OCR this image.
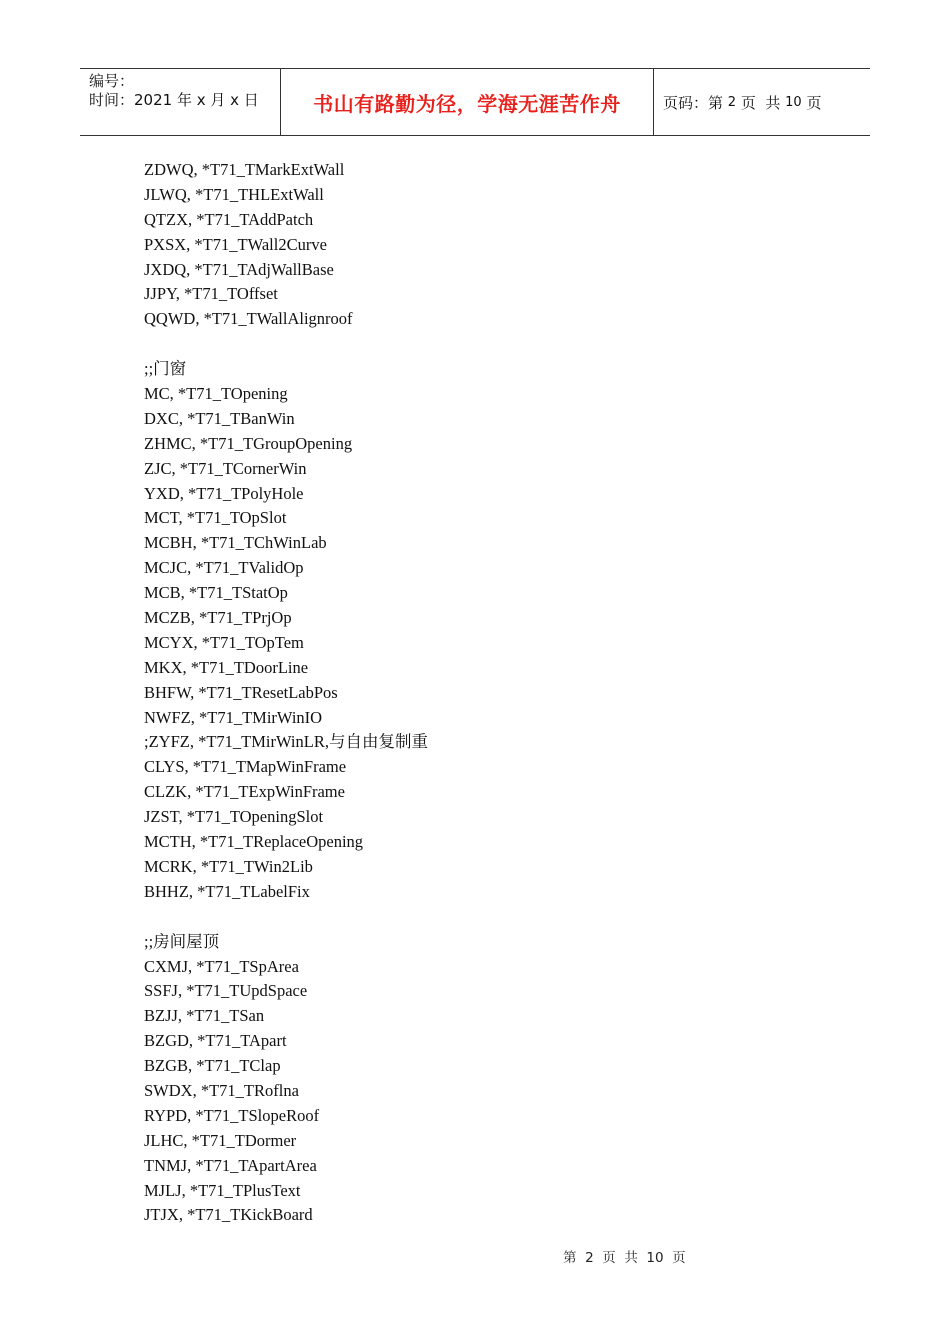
编号：
时间：2021 年 x 月 x 日	书山有路勤为径，学海无涯苦作舟	页码：第 2 页  共 10 页
ZDWQ, *T71_TMarkExtWall
JLWQ, *T71_THLExtWall
QTZX, *T71_TAddPatch
PXSX, *T71_TWall2Curve
JXDQ, *T71_TAdjWallBase
JJPY, *T71_TOffset
QQWD, *T71_TWallAlignroof
;;门窗
MC, *T71_TOpening
DXC, *T71_TBanWin
ZHMC, *T71_TGroupOpening
ZJC, *T71_TCornerWin
YXD, *T71_TPolyHole
MCT, *T71_TOpSlot
MCBH, *T71_TChWinLab
MCJC, *T71_TValidOp
MCB, *T71_TStatOp
MCZB, *T71_TPrjOp
MCYX, *T71_TOpTem
MKX, *T71_TDoorLine
BHFW, *T71_TResetLabPos
NWFZ, *T71_TMirWinIO
;ZYFZ, *T71_TMirWinLR,与自由复制重
CLYS, *T71_TMapWinFrame
CLZK, *T71_TExpWinFrame
JZST, *T71_TOpeningSlot
MCTH, *T71_TReplaceOpening
MCRK, *T71_TWin2Lib
BHHZ, *T71_TLabelFix
;;房间屋顶
CXMJ, *T71_TSpArea
SSFJ, *T71_TUpdSpace
BZJJ, *T71_TSan
BZGD, *T71_TApart
BZGB, *T71_TClap
SWDX, *T71_TRoflna
RYPD, *T71_TSlopeRoof
JLHC, *T71_TDormer
TNMJ, *T71_TApartArea
MJLJ, *T71_TPlusText
JTJX, *T71_TKickBoard
第  2  页  共  10  页
